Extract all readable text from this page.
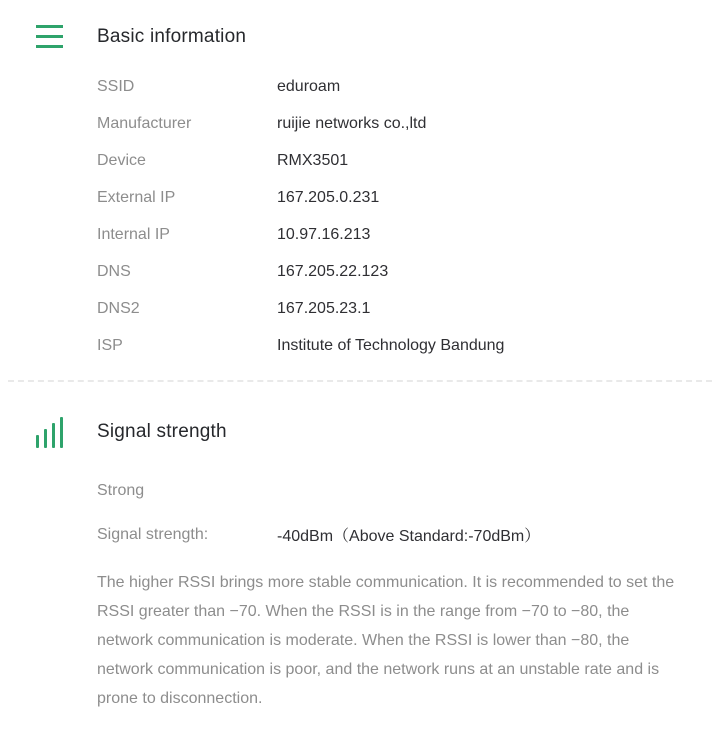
Basic information
SSID	eduroam
Manufacturer	ruijie networks co.,ltd
Device	RMX3501
External IP	167.205.0.231
Internal IP	10.97.16.213
DNS	167.205.22.123
DNS2	167.205.23.1
ISP	Institute of Technology Bandung
Signal strength
Strong
Signal strength:	-40dBm（Above Standard:-70dBm）

The higher RSSI brings more stable communication. It is recommended to set the RSSI greater than −70. When the RSSI is in the range from −70 to −80, the network communication is moderate. When the RSSI is lower than −80, the network communication is poor, and the network runs at an unstable rate and is prone to disconnection.
